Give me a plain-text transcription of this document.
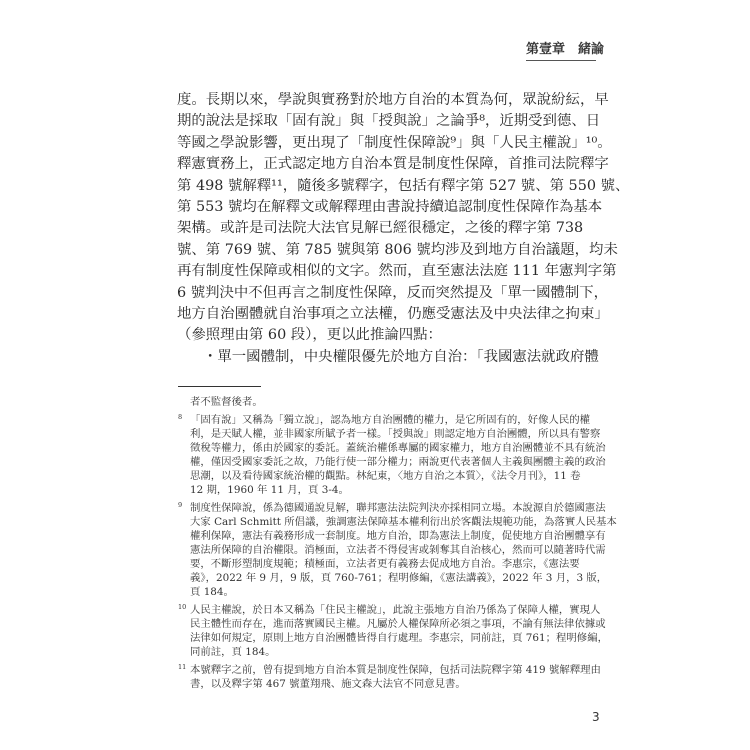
第壹章　緒論
度。長期以來，學說與實務對於地方自治的本質為何，眾說紛紜，早
期的說法是採取「固有說」與「授與說」之論爭⁸，近期受到德、日
等國之學說影響，更出現了「制度性保障說⁹」與「人民主權說」¹⁰。
釋憲實務上，正式認定地方自治本質是制度性保障，首推司法院釋字
第 498 號解釋¹¹，隨後多號釋字，包括有釋字第 527 號、第 550 號、
第 553 號均在解釋文或解釋理由書說持續追認制度性保障作為基本
架構。或許是司法院大法官見解已經很穩定，之後的釋字第 738
號、第 769 號、第 785 號與第 806 號均涉及到地方自治議題，均未
再有制度性保障或相似的文字。然而，直至憲法法庭 111 年憲判字第
6 號判決中不但再言之制度性保障，反而突然提及「單一國體制下，
地方自治團體就自治事項之立法權，仍應受憲法及中央法律之拘束」
（參照理由第 60 段），更以此推論四點：
・單一國體制，中央權限優先於地方自治：「我國憲法就政府體
者不監督後者。
8 「固有說」又稱為「獨立說」，認為地方自治團體的權力，是它所固有的，好像人民的權
利，是天賦人權，並非國家所賦予者一樣。「授與說」則認定地方自治團體，所以具有警察
徵稅等權力，係由於國家的委託。蓋統治權係專屬的國家權力，地方自治團體並不具有統治
權，僅因受國家委託之故，乃能行使一部分權力；兩說更代表著個人主義與團體主義的政治
思潮，以及看待國家統治權的觀點。林紀東，〈地方自治之本質〉，《法令月刊》，11 卷
12 期，1960 年 11 月，頁 3-4。
9 制度性保障說，係為德國通說見解，聯邦憲法法院判決亦採相同立場。本說源自於德國憲法
大家 Carl Schmitt 所倡議，強調憲法保障基本權利衍出於客觀法規範功能，為落實人民基本
權利保障，憲法有義務形成一套制度。地方自治，即為憲法上制度，促使地方自治團體享有
憲法所保障的自治權限。消極面，立法者不得侵害或剝奪其自治核心，然而可以隨著時代需
要，不斷形塑制度規範；積極面，立法者更有義務去促成地方自治。李惠宗，《憲法要
義》，2022 年 9 月，9 版，頁 760-761；程明修編，《憲法講義》，2022 年 3 月，3 版，
頁 184。
10 人民主權說，於日本又稱為「住民主權說」，此說主張地方自治乃係為了保障人權，實現人
民主體性而存在，進而落實國民主權。凡屬於人權保障所必須之事項，不論有無法律依據或
法律如何規定，原則上地方自治團體皆得自行處理。李惠宗，同前註，頁 761；程明修編，
同前註，頁 184。
11 本號釋字之前，曾有提到地方自治本質是制度性保障，包括司法院釋字第 419 號解釋理由
書，以及釋字第 467 號董翔飛、施文森大法官不同意見書。
3
